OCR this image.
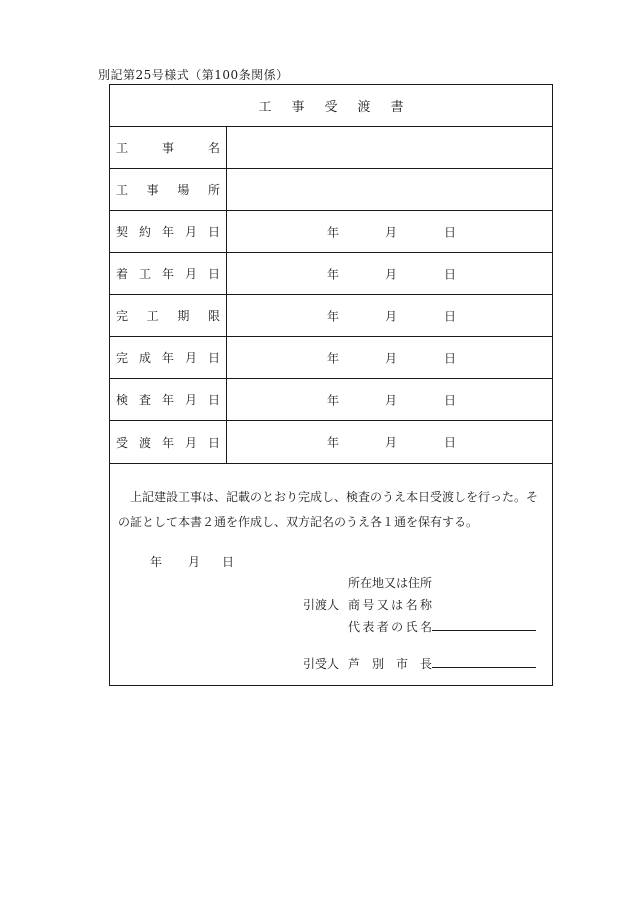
別記第25号様式（第100条関係）
工事受渡書
工	事	名
工 事 場 所
契 約 年 月 日	年	月	日
着 工 年 月 日	年	月	日
完 工 期 限	年	月	日
完 成 年 月 日	年	月	日
検 査 年 月 日	年	月	日
受 渡 年 月 日	年	月	日
上記建設工事は、記載のとおり完成し、検査のうえ本日受渡しを行った。その証として本書２通を作成し、双方記名のうえ各１通を保有する。
年 月 日
所在地又は住所
引渡人 商 号 又 は 名 称
代 表 者 の 氏 名
引受人 芦 別 市 長
